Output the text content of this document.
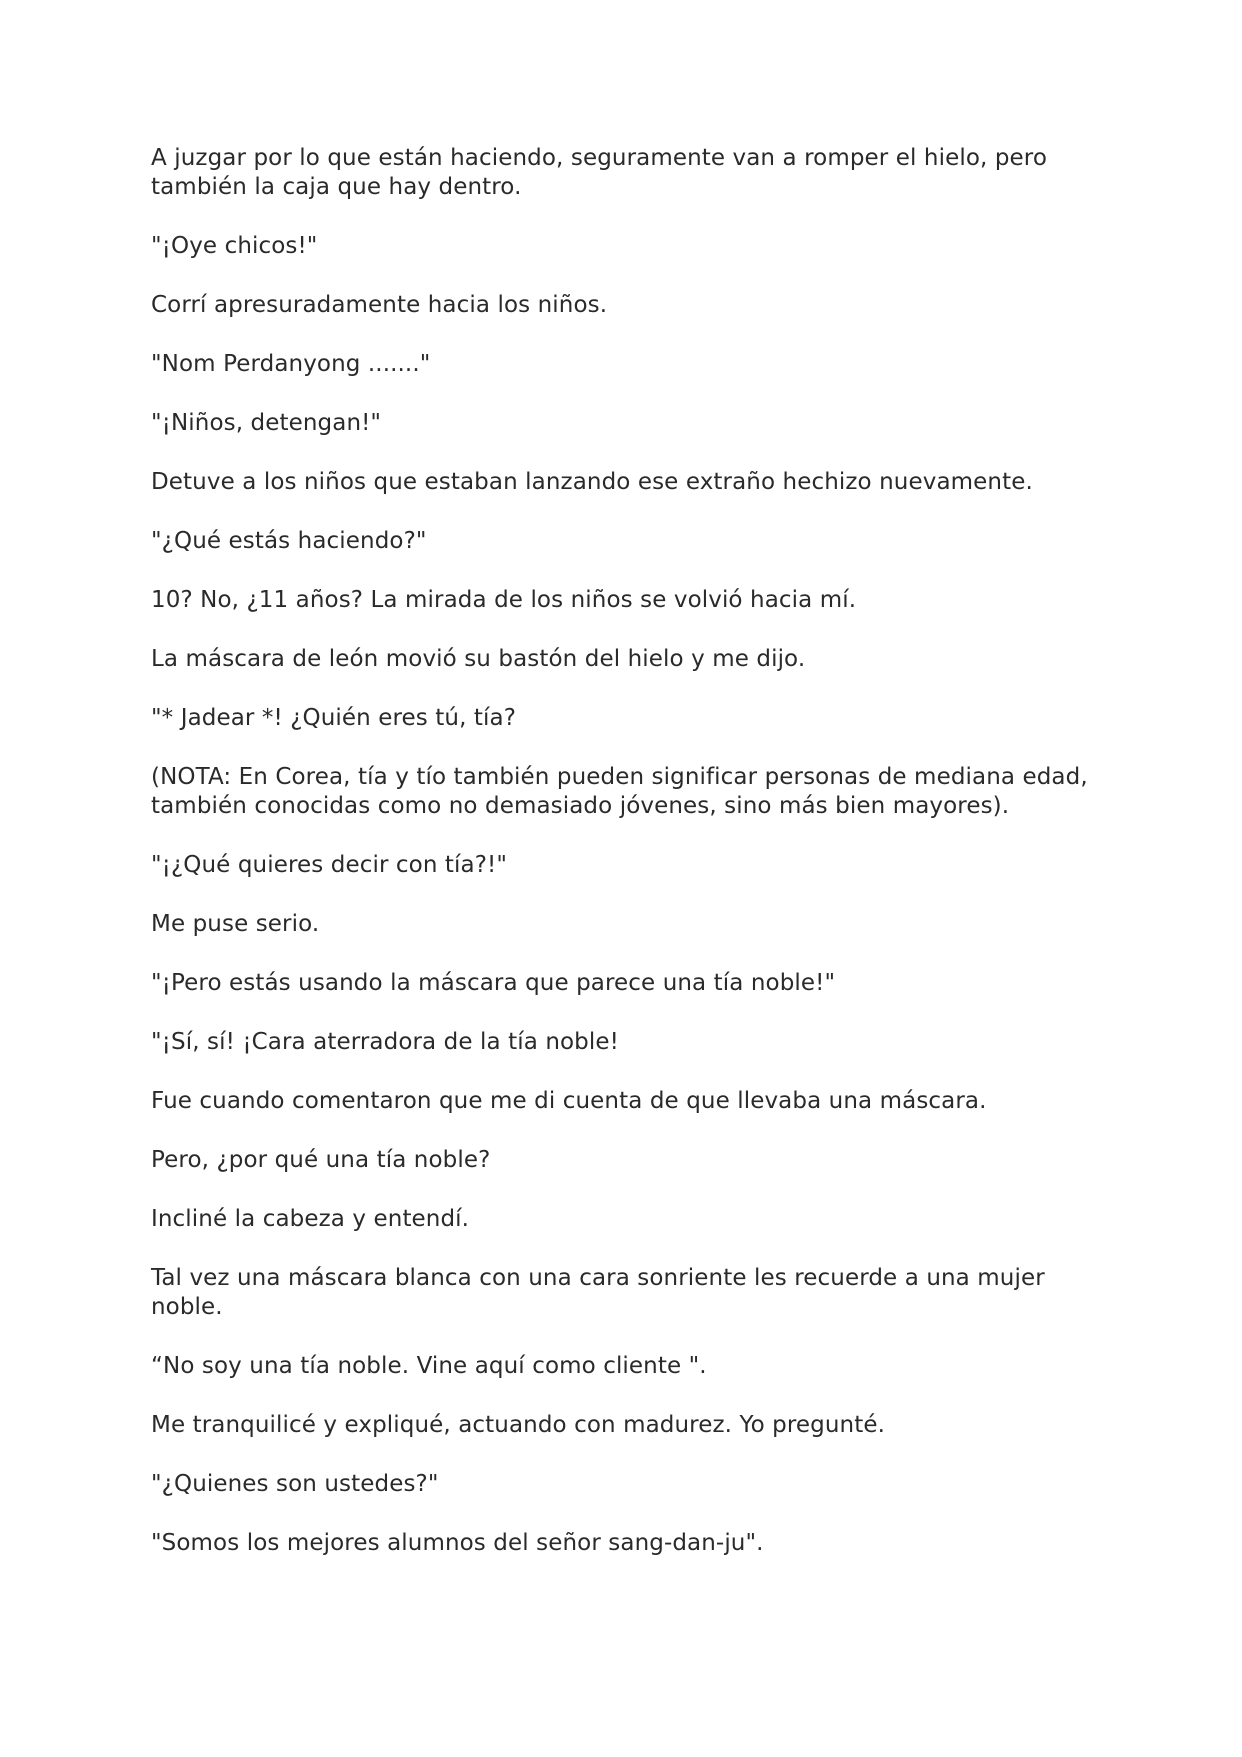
A juzgar por lo que están haciendo, seguramente van a romper el hielo, pero también la caja que hay dentro.

"¡Oye chicos!"

Corrí apresuradamente hacia los niños.

"Nom Perdanyong ......."

"¡Niños, detengan!"

Detuve a los niños que estaban lanzando ese extraño hechizo nuevamente.

"¿Qué estás haciendo?"

10? No, ¿11 años? La mirada de los niños se volvió hacia mí.

La máscara de león movió su bastón del hielo y me dijo.

"* Jadear *! ¿Quién eres tú, tía?

(NOTA: En Corea, tía y tío también pueden significar personas de mediana edad, también conocidas como no demasiado jóvenes, sino más bien mayores).

"¡¿Qué quieres decir con tía?!"

Me puse serio.

"¡Pero estás usando la máscara que parece una tía noble!"

"¡Sí, sí! ¡Cara aterradora de la tía noble!

Fue cuando comentaron que me di cuenta de que llevaba una máscara.

Pero, ¿por qué una tía noble?

Incliné la cabeza y entendí.

Tal vez una máscara blanca con una cara sonriente les recuerde a una mujer noble.

“No soy una tía noble. Vine aquí como cliente ".

Me tranquilicé y expliqué, actuando con madurez. Yo pregunté.

"¿Quienes son ustedes?"

"Somos los mejores alumnos del señor sang-dan-ju".
